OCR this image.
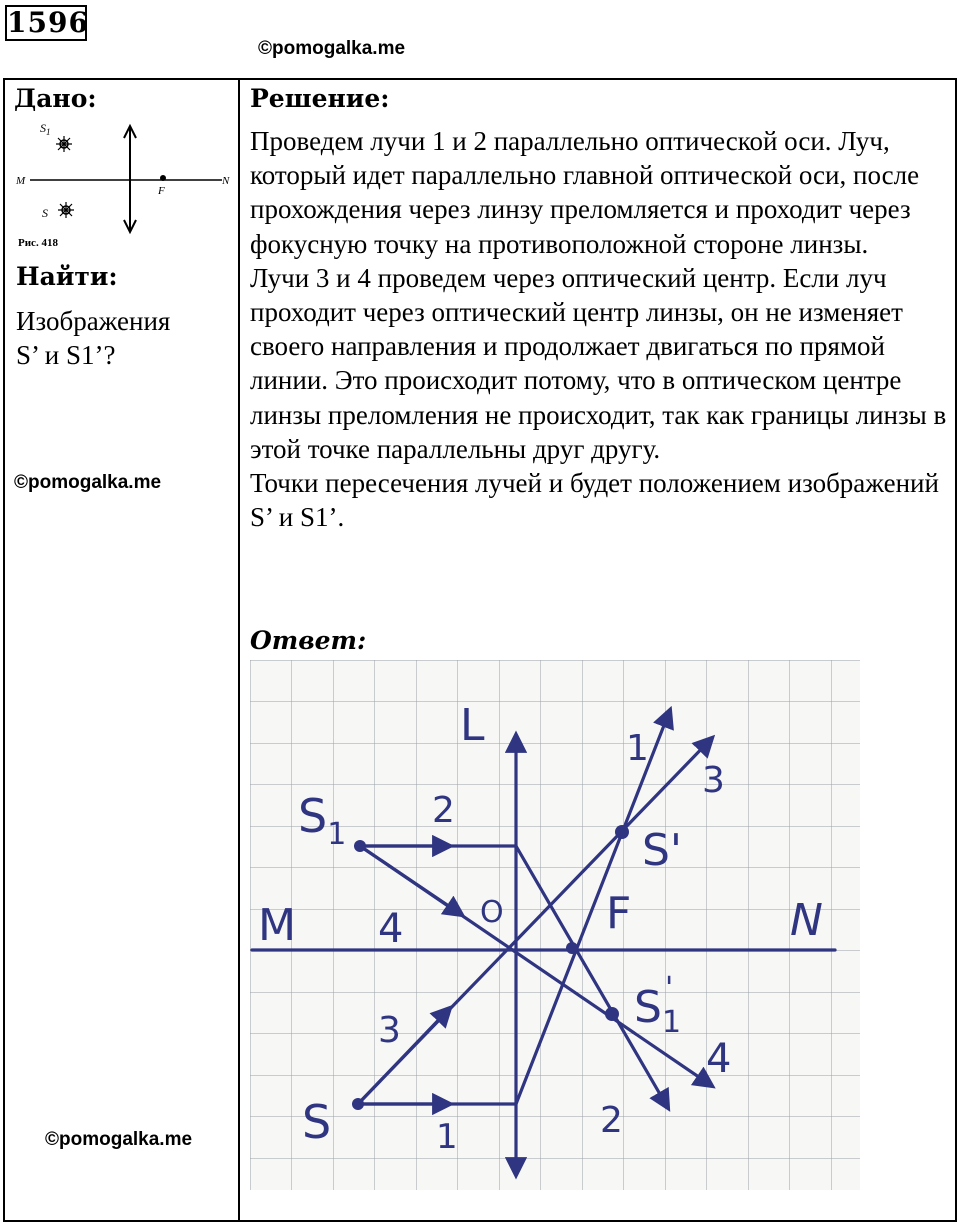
1596
©pomogalka.me
Дано:
$S_1$
S
M	N
F
Рис. 418
Найти:
Изображения
S’ и S1’?
©pomogalka.me
©pomogalka.me
Решение:

Проведем лучи 1 и 2 параллельно оптической оси. Луч, который идет параллельно главной оптической оси, после прохождения через линзу преломляется и проходит через фокусную точку на противоположной стороне линзы.

Лучи 3 и 4 проведем через оптический центр. Если луч проходит через оптический центр линзы, он не изменяет своего направления и продолжает двигаться по прямой линии. Это происходит потому, что в оптическом центре линзы преломления не происходит, так как границы линзы в этой точке параллельны друг другу.

Точки пересечения лучей и будет положением изображений S’ и S1’.

Ответ:
L
M	N
F
O
$S_1$
S
S'
$S_1'$
1
1
2
2
3
3
4
4
